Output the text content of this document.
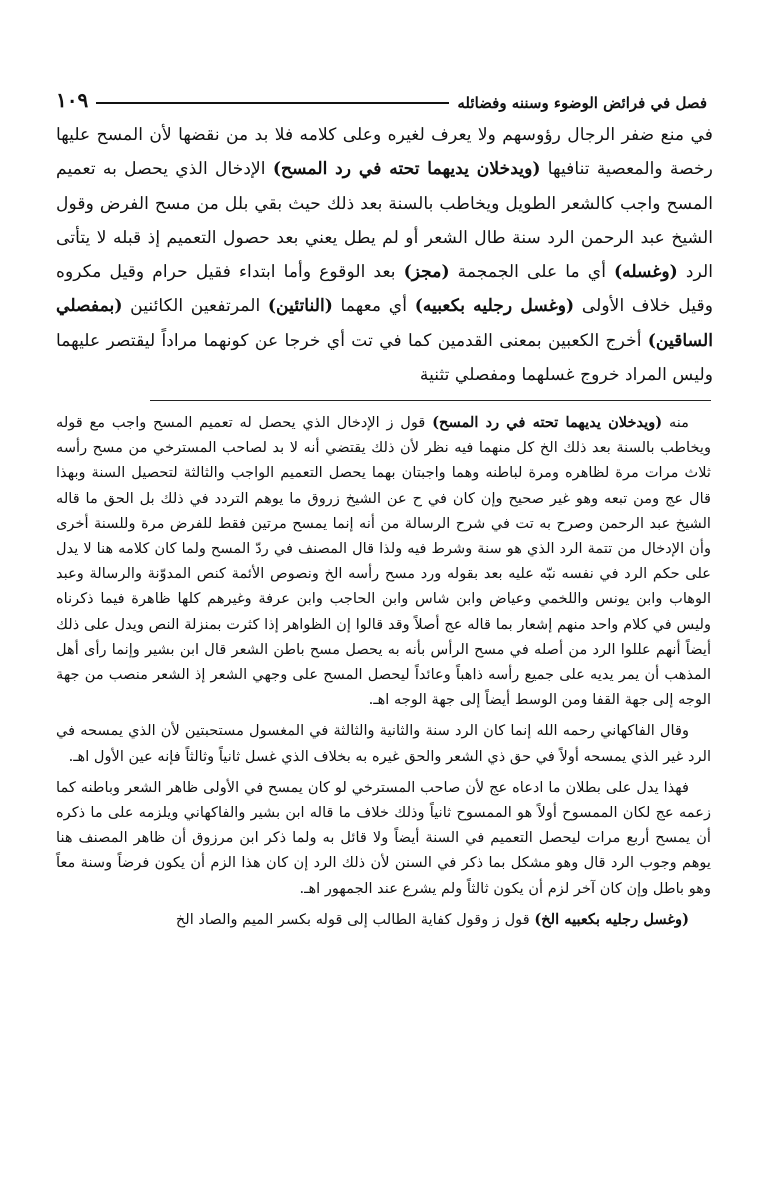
فصل في فرائض الوضوء وسننه وفضائله
١٠٩
في منع ضفر الرجال رؤوسهم ولا يعرف لغيره وعلى كلامه فلا بد من نقضها لأن المسح عليها رخصة والمعصية تنافيها (ويدخلان يديهما تحته في رد المسح) الإدخال الذي يحصل به تعميم المسح واجب كالشعر الطويل ويخاطب بالسنة بعد ذلك حيث بقي بلل من مسح الفرض وقول الشيخ عبد الرحمن الرد سنة طال الشعر أو لم يطل يعني بعد حصول التعميم إذ قبله لا يتأتى الرد (وغسله) أي ما على الجمجمة (مجز) بعد الوقوع وأما ابتداء فقيل حرام وقيل مكروه وقيل خلاف الأولى (وغسل رجليه بكعبيه) أي معهما (الناتئين) المرتفعين الكائنين (بمفصلي الساقين) أخرج الكعبين بمعنى القدمين كما في تت أي خرجا عن كونهما مراداً ليقتصر عليهما وليس المراد خروج غسلهما ومفصلي تثنية

منه (ويدخلان يديهما تحته في رد المسح) قول ز الإدخال الذي يحصل له تعميم المسح واجب مع قوله ويخاطب بالسنة بعد ذلك الخ كل منهما فيه نظر لأن ذلك يقتضي أنه لا بد لصاحب المسترخي من مسح رأسه ثلاث مرات مرة لظاهره ومرة لباطنه وهما واجبتان بهما يحصل التعميم الواجب والثالثة لتحصيل السنة وبهذا قال عج ومن تبعه وهو غير صحيح وإن كان في ح عن الشيخ زروق ما يوهم التردد في ذلك بل الحق ما قاله الشيخ عبد الرحمن وصرح به تت في شرح الرسالة من أنه إنما يمسح مرتين فقط للفرض مرة وللسنة أخرى وأن الإدخال من تتمة الرد الذي هو سنة وشرط فيه ولذا قال المصنف في ردّ المسح ولما كان كلامه هنا لا يدل على حكم الرد في نفسه نبّه عليه بعد بقوله ورد مسح رأسه الخ ونصوص الأئمة كنص المدوّنة والرسالة وعبد الوهاب وابن يونس واللخمي وعياض وابن شاس وابن الحاجب وابن عرفة وغيرهم كلها ظاهرة فيما ذكرناه وليس في كلام واحد منهم إشعار بما قاله عج أصلاً وقد قالوا إن الظواهر إذا كثرت بمنزلة النص ويدل على ذلك أيضاً أنهم عللوا الرد من أصله في مسح الرأس بأنه به يحصل مسح باطن الشعر قال ابن بشير وإنما رأى أهل المذهب أن يمر يديه على جميع رأسه ذاهباً وعائداً ليحصل المسح على وجهي الشعر إذ الشعر منصب من جهة الوجه إلى جهة القفا ومن الوسط أيضاً إلى جهة الوجه اهـ.

وقال الفاكهاني رحمه الله إنما كان الرد سنة والثانية والثالثة في المغسول مستحبتين لأن الذي يمسحه في الرد غير الذي يمسحه أولاً في حق ذي الشعر والحق غيره به بخلاف الذي غسل ثانياً وثالثاً فإنه عين الأول اهـ.

فهذا يدل على بطلان ما ادعاه عج لأن صاحب المسترخي لو كان يمسح في الأولى ظاهر الشعر وباطنه كما زعمه عج لكان الممسوح أولاً هو الممسوح ثانياً وذلك خلاف ما قاله ابن بشير والفاكهاني ويلزمه على ما ذكره أن يمسح أربع مرات ليحصل التعميم في السنة أيضاً ولا قائل به ولما ذكر ابن مرزوق أن ظاهر المصنف هنا يوهم وجوب الرد قال وهو مشكل بما ذكر في السنن لأن ذلك الرد إن كان هذا الزم أن يكون فرضاً وسنة معاً وهو باطل وإن كان آخر لزم أن يكون ثالثاً ولم يشرع عند الجمهور اهـ.

(وغسل رجليه بكعبيه الخ) قول ز وقول كفاية الطالب إلى قوله بكسر الميم والصاد الخ
